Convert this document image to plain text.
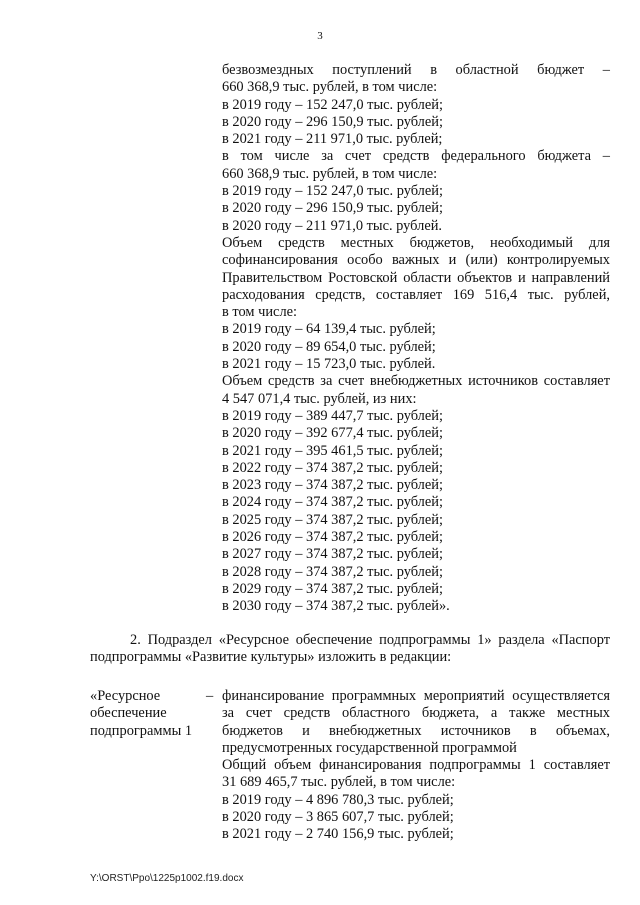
3
безвозмездных поступлений в областной бюджет –
660 368,9 тыс. рублей, в том числе:
в 2019 году – 152 247,0 тыс. рублей;
в 2020 году – 296 150,9 тыс. рублей;
в 2021 году – 211 971,0 тыс. рублей;
в том числе за счет средств федерального бюджета –
660 368,9 тыс. рублей, в том числе:
в 2019 году – 152 247,0 тыс. рублей;
в 2020 году – 296 150,9 тыс. рублей;
в 2020 году – 211 971,0 тыс. рублей.
Объем средств местных бюджетов, необходимый для
софинансирования особо важных и (или) контролируемых
Правительством Ростовской области объектов и направлений
расходования средств, составляет 169 516,4 тыс. рублей,
в том числе:
в 2019 году – 64 139,4 тыс. рублей;
в 2020 году – 89 654,0 тыс. рублей;
в 2021 году – 15 723,0 тыс. рублей.
Объем средств за счет внебюджетных источников составляет
4 547 071,4 тыс. рублей, из них:
в 2019 году – 389 447,7 тыс. рублей;
в 2020 году – 392 677,4 тыс. рублей;
в 2021 году – 395 461,5 тыс. рублей;
в 2022 году – 374 387,2 тыс. рублей;
в 2023 году – 374 387,2 тыс. рублей;
в 2024 году – 374 387,2 тыс. рублей;
в 2025 году – 374 387,2 тыс. рублей;
в 2026 году – 374 387,2 тыс. рублей;
в 2027 году – 374 387,2 тыс. рублей;
в 2028 году – 374 387,2 тыс. рублей;
в 2029 году – 374 387,2 тыс. рублей;
в 2030 году – 374 387,2 тыс. рублей».
2. Подраздел «Ресурсное обеспечение подпрограммы 1» раздела «Паспорт
подпрограммы «Развитие культуры» изложить в редакции:
«Ресурсное
обеспечение
подпрограммы 1
– финансирование программных мероприятий осуществляется
за счет средств областного бюджета, а также местных
бюджетов и внебюджетных источников в объемах,
предусмотренных государственной программой
Общий объем финансирования подпрограммы 1 составляет
31 689 465,7 тыс. рублей, в том числе:
в 2019 году – 4 896 780,3 тыс. рублей;
в 2020 году – 3 865 607,7 тыс. рублей;
в 2021 году – 2 740 156,9 тыс. рублей;
Y:\ORST\Ppo\1225p1002.f19.docx
